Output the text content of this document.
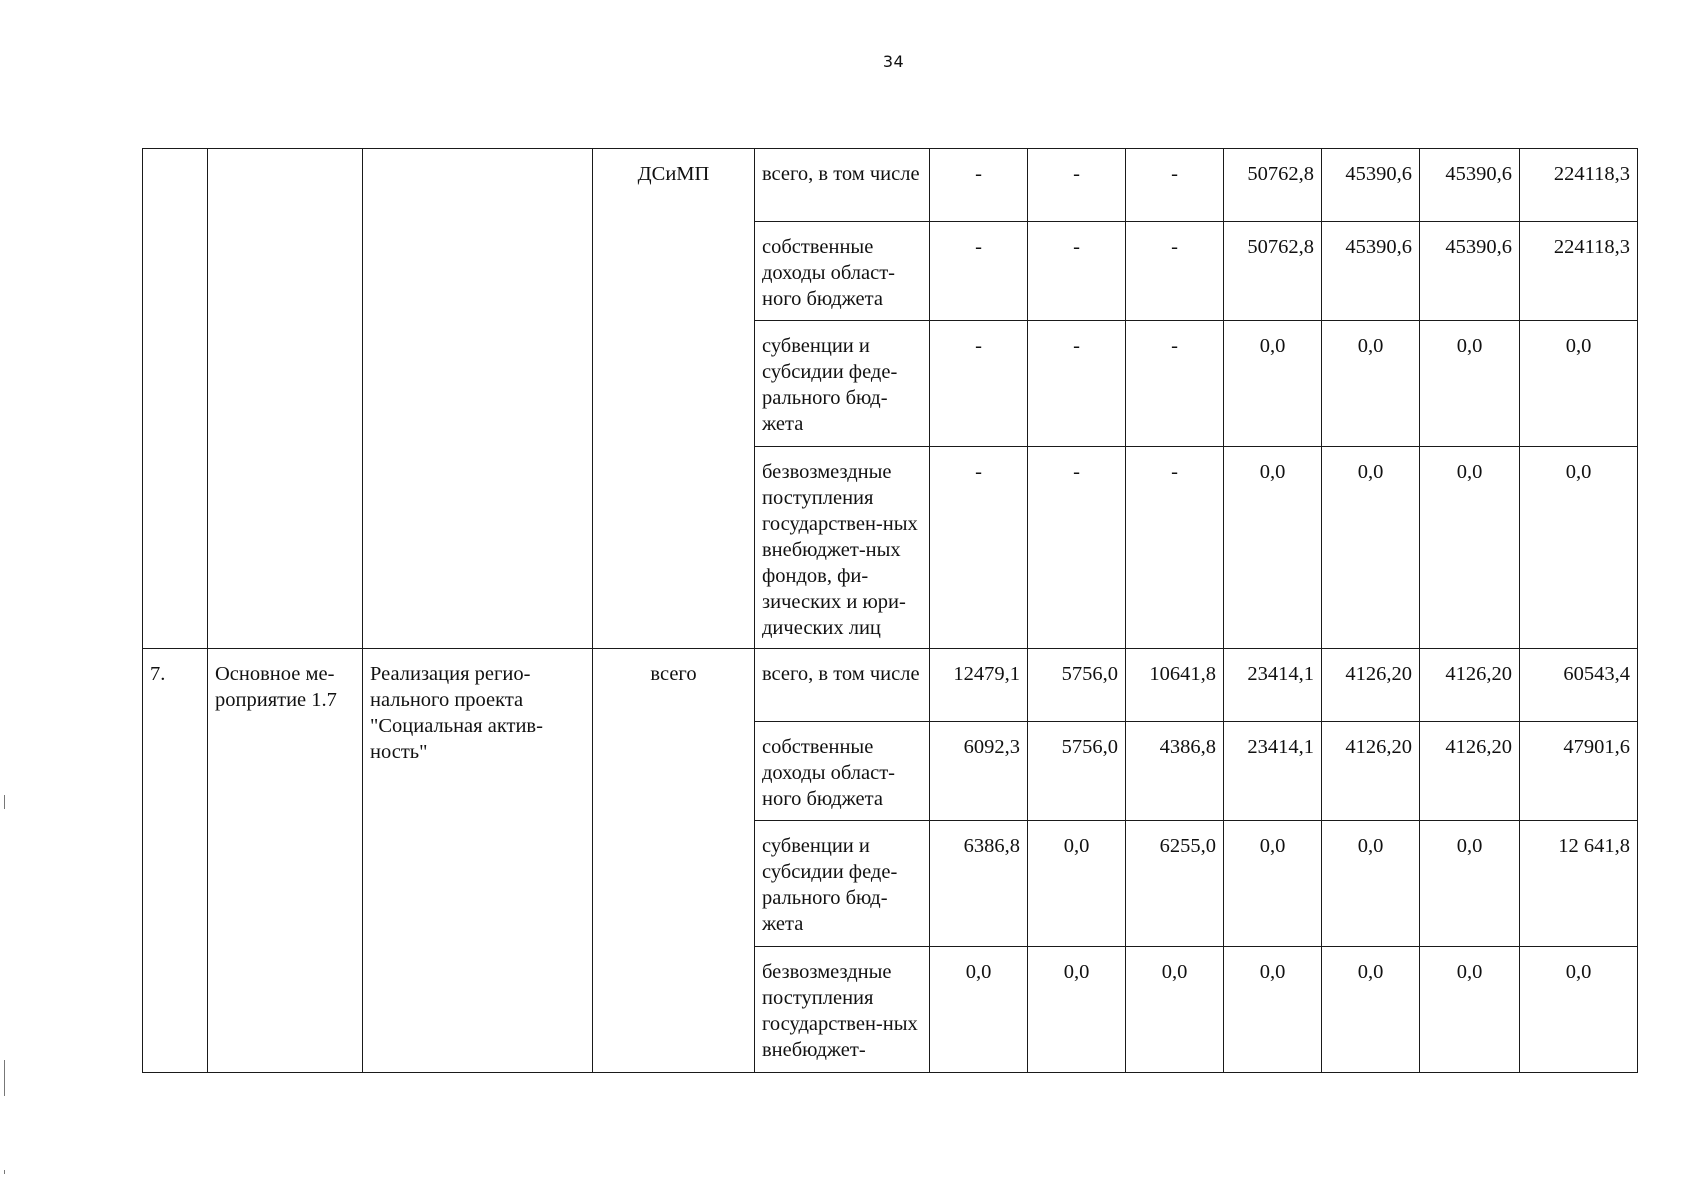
34
			ДСиМП	всего, в том числе	-	-	-	50762,8	45390,6	45390,6	224118,3
				собственные доходы област-ного бюджета	-	-	-	50762,8	45390,6	45390,6	224118,3
				субвенции и субсидии феде-рального бюд-жета	-	-	-	0,0	0,0	0,0	0,0
				безвозмездные поступления государствен-ных внебюджет-ных фондов, фи-зических и юри-дических лиц	-	-	-	0,0	0,0	0,0	0,0
7.	Основное ме-роприятие 1.7	Реализация регио-нального проекта "Социальная актив-ность"	всего	всего, в том числе	12479,1	5756,0	10641,8	23414,1	4126,20	4126,20	60543,4
				собственные доходы област-ного бюджета	6092,3	5756,0	4386,8	23414,1	4126,20	4126,20	47901,6
				субвенции и субсидии феде-рального бюд-жета	6386,8	0,0	6255,0	0,0	0,0	0,0	12 641,8
				безвозмездные поступления государствен-ных внебюджет-	0,0	0,0	0,0	0,0	0,0	0,0	0,0
